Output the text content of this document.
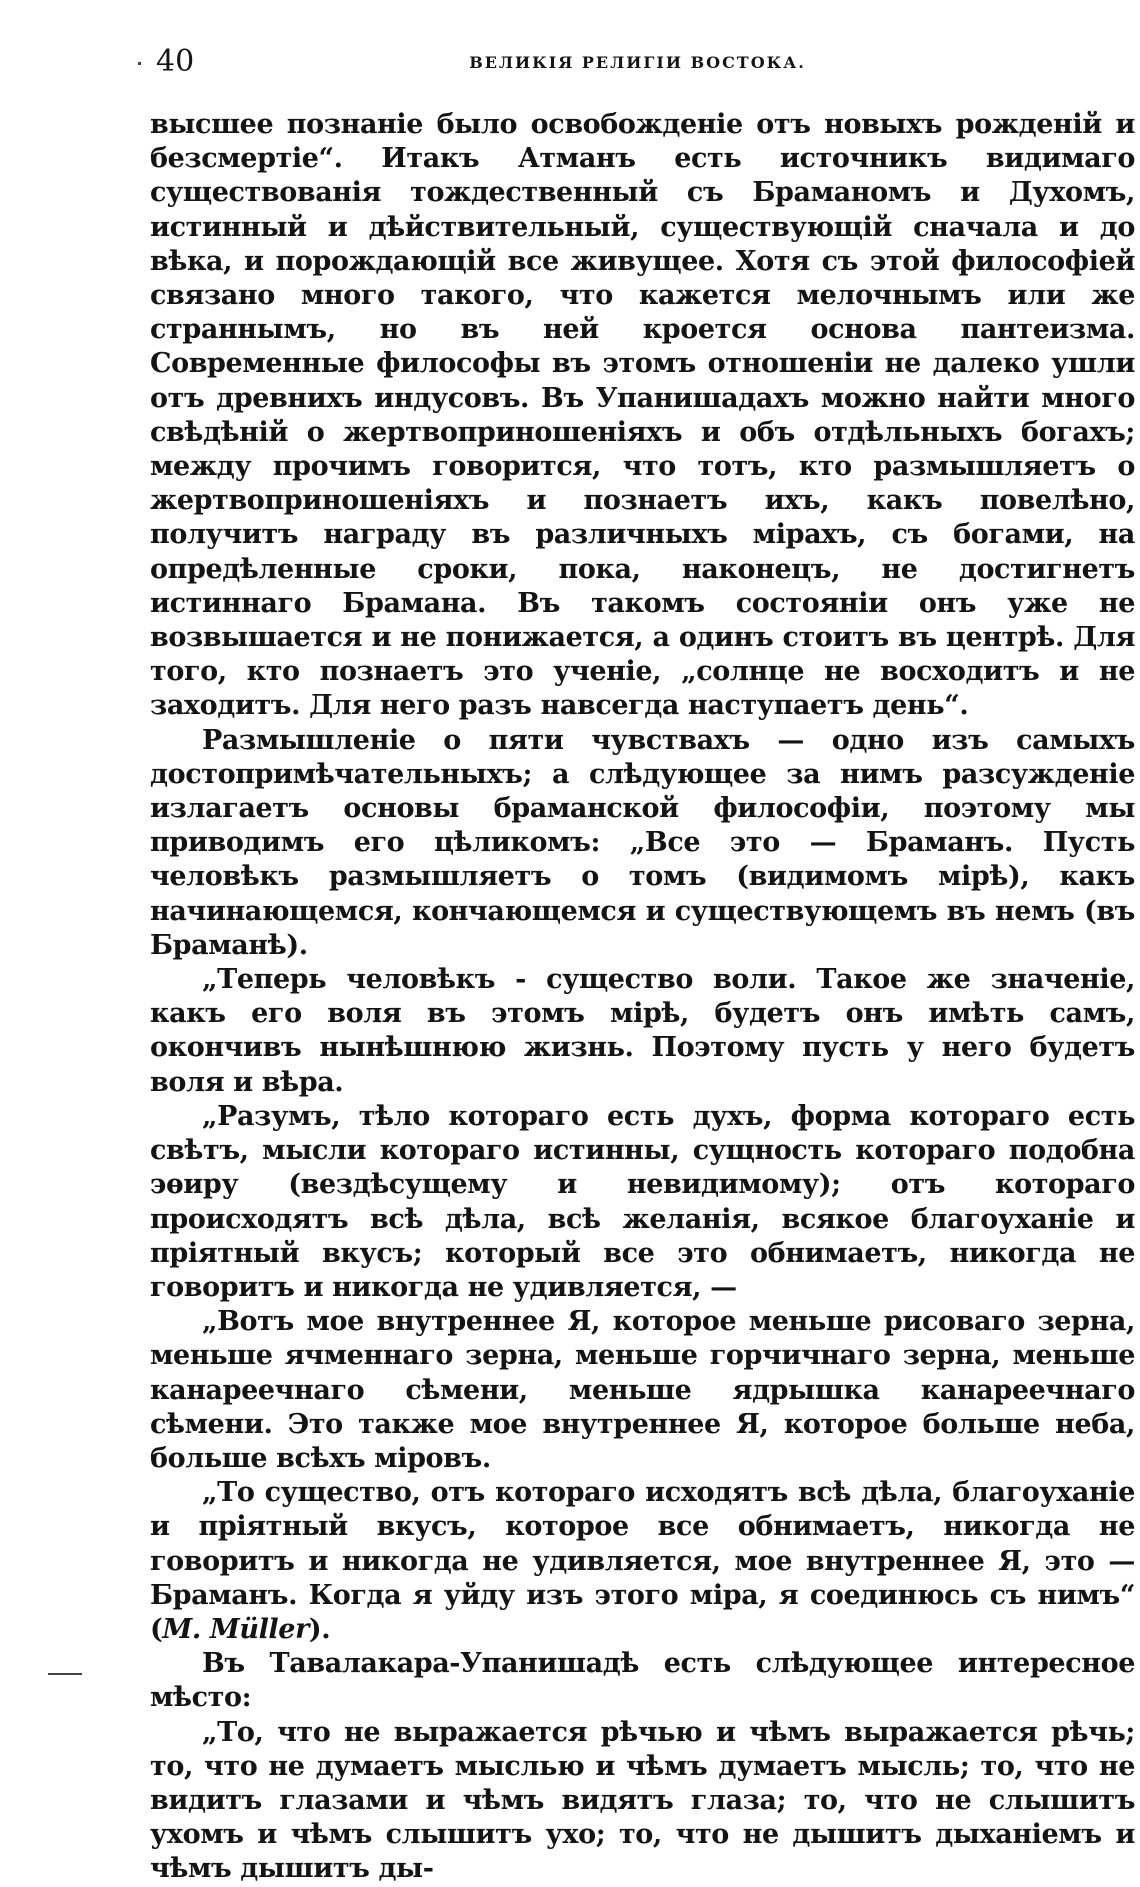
40	ВЕЛИКІЯ РЕЛИГІИ ВОСТОКА.

высшее познаніе было освобожденіе отъ новыхъ рожденій и безсмертіе“. Итакъ Атманъ есть источникъ видимаго существованія тождественный съ Браманомъ и Духомъ, истинный и дѣйствительный, существующій сначала и до вѣка, и порождающій все живущее. Хотя съ этой философіей связано много такого, что кажется мелочнымъ или же страннымъ, но въ ней кроется основа пантеизма. Современные философы въ этомъ отношеніи не далеко ушли отъ древнихъ индусовъ. Въ Упанишадахъ можно найти много свѣдѣній о жертвоприношеніяхъ и объ отдѣльныхъ богахъ; между прочимъ говорится, что тотъ, кто размышляетъ о жертвоприношеніяхъ и познаетъ ихъ, какъ повелѣно, получитъ награду въ различныхъ мірахъ, съ богами, на опредѣленные сроки, пока, наконецъ, не достигнетъ истиннаго Брамана. Въ такомъ состояніи онъ уже не возвышается и не понижается, а одинъ стоитъ въ центрѣ. Для того, кто познаетъ это ученіе, „солнце не восходитъ и не заходитъ. Для него разъ навсегда наступаетъ день“.

Размышленіе о пяти чувствахъ — одно изъ самыхъ достопримѣчательныхъ; а слѣдующее за нимъ разсужденіе излагаетъ основы браманской философіи, поэтому мы приводимъ его цѣликомъ: „Все это — Браманъ. Пусть человѣкъ размышляетъ о томъ (видимомъ мірѣ), какъ начинающемся, кончающемся и существующемъ въ немъ (въ Браманѣ).

„Теперь человѣкъ - существо воли. Такое же значеніе, какъ его воля въ этомъ мірѣ, будетъ онъ имѣть самъ, окончивъ нынѣшнюю жизнь. Поэтому пусть у него будетъ воля и вѣра.

„Разумъ, тѣло котораго есть духъ, форма котораго есть свѣтъ, мысли котораго истинны, сущность котораго подобна эѳиру (вездѣсущему и невидимому); отъ котораго происходятъ всѣ дѣла, всѣ желанія, всякое благоуханіе и пріятный вкусъ; который все это обнимаетъ, никогда не говоритъ и никогда не удивляется, —

„Вотъ мое внутреннее Я, которое меньше рисоваго зерна, меньше ячменнаго зерна, меньше горчичнаго зерна, меньше канареечнаго сѣмени, меньше ядрышка канареечнаго сѣмени. Это также мое внутреннее Я, которое больше неба, больше всѣхъ міровъ.

„То существо, отъ котораго исходятъ всѣ дѣла, благоуханіе и пріятный вкусъ, которое все обнимаетъ, никогда не говоритъ и никогда не удивляется, мое внутреннее Я, это — Браманъ. Когда я уйду изъ этого міра, я соединюсь съ нимъ“ (M. Müller).

Въ Тавалакара-Упанишадѣ есть слѣдующее интересное мѣсто:

„То, что не выражается рѣчью и чѣмъ выражается рѣчь; то, что не думаетъ мыслью и чѣмъ думаетъ мысль; то, что не видитъ глазами и чѣмъ видятъ глаза; то, что не слышитъ ухомъ и чѣмъ слышитъ ухо; то, что не дышитъ дыханіемъ и чѣмъ дышитъ ды-
